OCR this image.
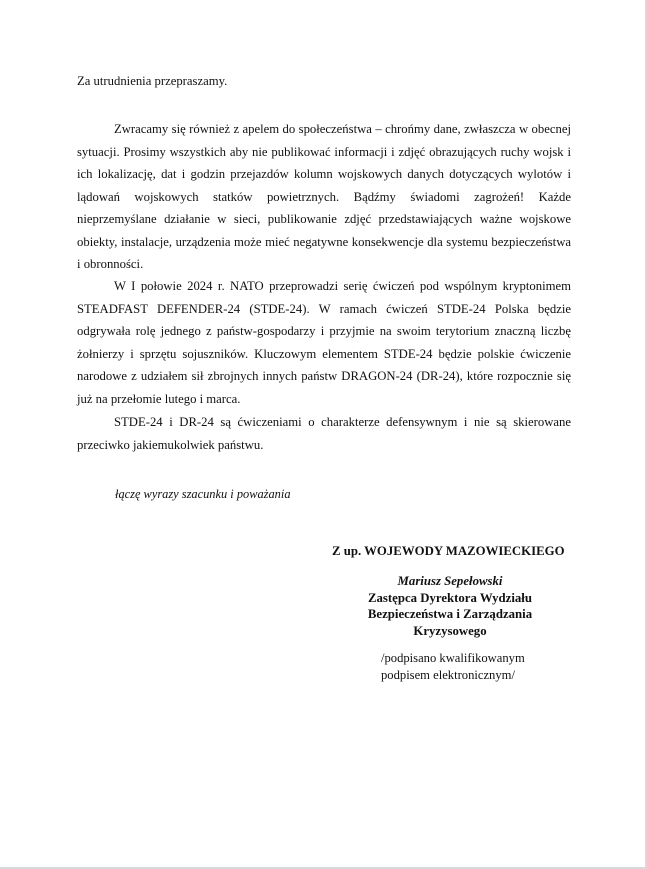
Za utrudnienia przepraszamy.

Zwracamy się również z apelem do społeczeństwa – chrońmy dane, zwłaszcza w obecnej sytuacji. Prosimy wszystkich aby nie publikować informacji i zdjęć obrazujących ruchy wojsk i ich lokalizację, dat i godzin przejazdów kolumn wojskowych danych dotyczących wylotów i lądowań wojskowych statków powietrznych. Bądźmy świadomi zagrożeń! Każde nieprzemyślane działanie w sieci, publikowanie zdjęć przedstawiających ważne wojskowe obiekty, instalacje, urządzenia może mieć negatywne konsekwencje dla systemu bezpieczeństwa i obronności.

W I połowie 2024 r. NATO przeprowadzi serię ćwiczeń pod wspólnym kryptonimem STEADFAST DEFENDER-24 (STDE-24). W ramach ćwiczeń STDE-24 Polska będzie odgrywała rolę jednego z państw-gospodarzy i przyjmie na swoim terytorium znaczną liczbę żołnierzy i sprzętu sojuszników. Kluczowym elementem STDE-24 będzie polskie ćwiczenie narodowe z udziałem sił zbrojnych innych państw DRAGON-24 (DR-24), które rozpocznie się już na przełomie lutego i marca.

STDE-24 i DR-24 są ćwiczeniami o charakterze defensywnym i nie są skierowane przeciwko jakiemukolwiek państwu.

łączę wyrazy szacunku i poważania

Z up. WOJEWODY MAZOWIECKIEGO

Mariusz Sepełowski
Zastępca Dyrektora Wydziału
Bezpieczeństwa i Zarządzania
Kryzysowego
/podpisano kwalifikowanym
podpisem elektronicznym/
